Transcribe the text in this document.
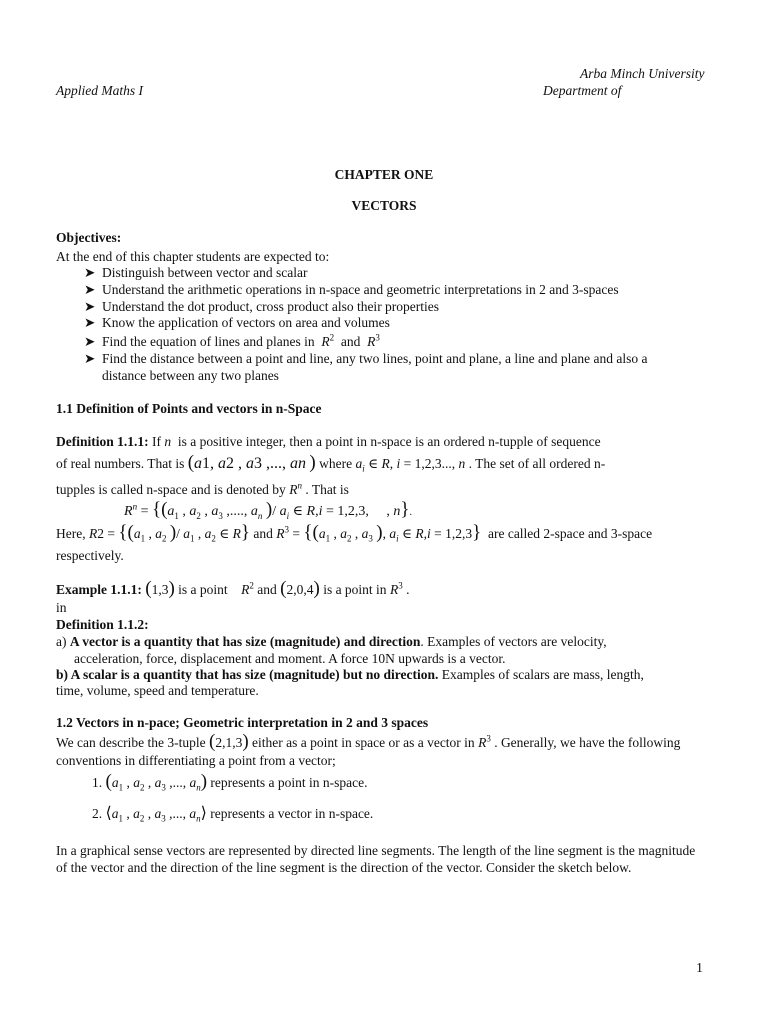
Arba Minch University
Applied Maths I	Department of
CHAPTER ONE
VECTORS
Objectives:
At the end of this chapter students are expected to:
➤ Distinguish between vector and scalar
➤ Understand the arithmetic operations in n-space and geometric interpretations in 2 and 3-spaces
➤ Understand the dot product, cross product also their properties
➤ Know the application of vectors on area and volumes
➤ Find the equation of lines and planes in $R^2$ and $R^3$
➤ Find the distance between a point and line, any two lines, point and plane, a line and plane and also a
distance between any two planes
1.1 Definition of Points and vectors in n-Space
Definition 1.1.1: If n is a positive integer, then a point in n-space is an ordered n-tupple of sequence
of real numbers. That is (a1, a2 , a3 ,..., an ) where $a_i$ ∈ R, i = 1,2,3..., n . The set of all ordered n-
tupples is called n-space and is denoted by $R^n$ . That is
$R^n = \{(a_1$ , $a_2$ , $a_3$ ,...., $a_n$ )/ $a_i$ ∈ R,i = 1,2,3,     , n}.
Here, $R2 = \{(a_1$ , $a_2$ )/ $a_1$ , $a_2$ ∈ R} and $R^3 = \{(a_1$ , $a_2$ , $a_3$ ), $a_i$ ∈ R,i = 1,2,3} are called 2-space and 3-space
respectively.
Example 1.1.1: (1,3) is a point $R^2$ and (2,0,4) is a point in $R^3$ .
in
Definition 1.1.2:
a) A vector is a quantity that has size (magnitude) and direction. Examples of vectors are velocity,
acceleration, force, displacement and moment. A force 10N upwards is a vector.
b) A scalar is a quantity that has size (magnitude) but no direction. Examples of scalars are mass, length,
time, volume, speed and temperature.
1.2 Vectors in n-pace; Geometric interpretation in 2 and 3 spaces
We can describe the 3-tuple (2,1,3) either as a point in space or as a vector in $R^3$ . Generally, we have the following
conventions in differentiating a point from a vector;
1. ($a_1$ , $a_2$ , $a_3$ ,..., $a_n$) represents a point in n-space.
2. $⟨a_1$ , $a_2$ , $a_3$ ,..., $a_n⟩$ represents a vector in n-space.
In a graphical sense vectors are represented by directed line segments. The length of the line segment is the magnitude
of the vector and the direction of the line segment is the direction of the vector. Consider the sketch below.
1
